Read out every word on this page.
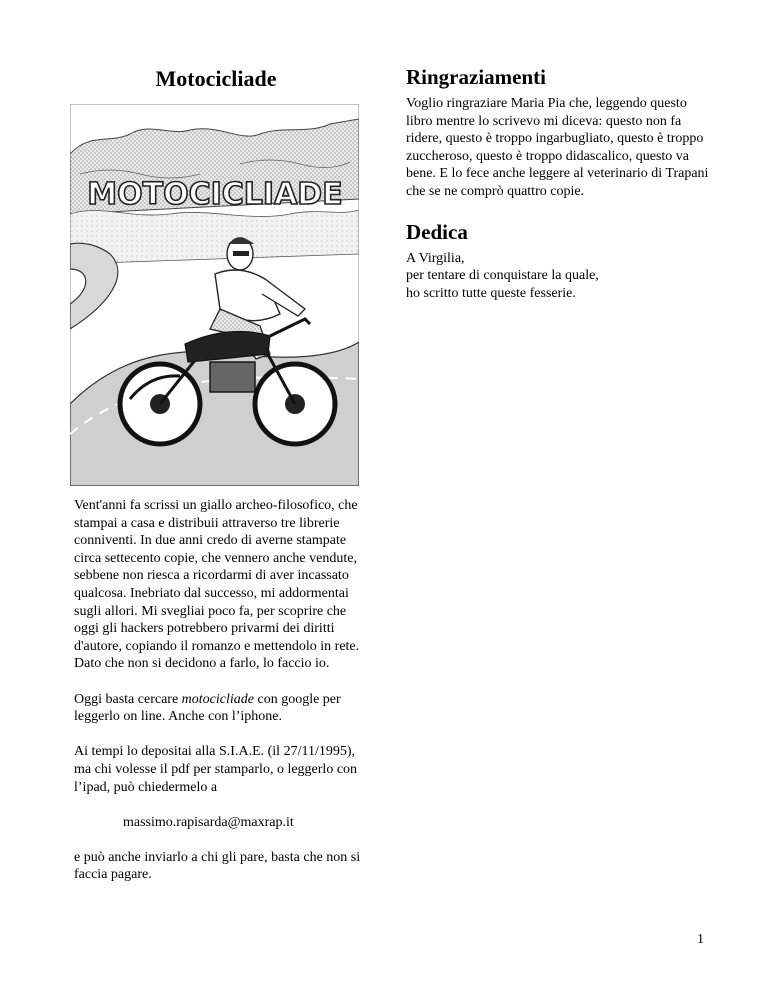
Motocicliade
MOTOCICLIADE
Ringraziamenti

Voglio ringraziare Maria Pia che, leggendo questo libro mentre lo scrivevo mi diceva: questo non fa ridere, questo è troppo ingarbugliato, questo è troppo zuccheroso, questo è troppo didascalico, questo va bene. E lo fece anche leggere al veterinario di Trapani che se ne comprò quattro copie.

Dedica

A Virgilia,
per tentare di conquistare la quale,
ho scritto tutte queste fesserie.

Vent'anni fa scrissi un giallo archeo-filosofico, che stampai a casa e distribuii attraverso tre librerie conniventi. In due anni credo di averne stampate circa settecento copie, che vennero anche vendute, sebbene non riesca a ricordarmi di aver incassato qualcosa. Inebriato dal successo, mi addormentai sugli allori. Mi svegliai poco fa, per scoprire che oggi gli hackers potrebbero privarmi dei diritti d'autore, copiando il romanzo e mettendolo in rete. Dato che non si decidono a farlo, lo faccio io.

Oggi basta cercare motocicliade con google per leggerlo on line. Anche con l’iphone.

Ai tempi lo depositai alla S.I.A.E. (il 27/11/1995), ma chi volesse il pdf per stamparlo, o leggerlo con l’ipad, può chiedermelo a

massimo.rapisarda@maxrap.it

e può anche inviarlo a chi gli pare, basta che non si faccia pagare.

1
